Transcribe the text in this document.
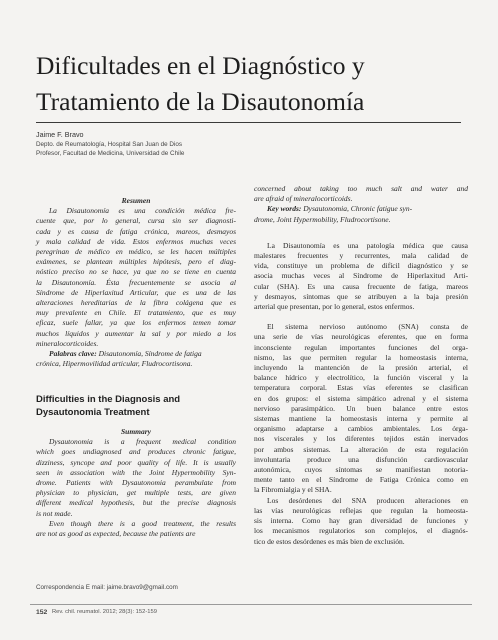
Dificultades en el Diagnóstico y Tratamiento de la Disautonomía
Jaime F. Bravo
Depto. de Reumatología, Hospital San Juan de Dios
Profesor, Facultad de Medicina, Universidad de Chile

Resumen

La Disautonomía es una condición médica fre-

cuente que, por lo general, cursa sin ser diagnosti-

cada y es causa de fatiga crónica, mareos, desmayos

y mala calidad de vida. Estos enfermos muchas veces

peregrinan de médico en médico, se les hacen múltiples

exámenes, se plantean múltiples hipótesis, pero el diag-

nóstico preciso no se hace, ya que no se tiene en cuenta

la Disautonomía. Ésta frecuentemente se asocia al

Síndrome de Hiperlaxitud Articular, que es una de las

alteraciones hereditarias de la fibra colágena que es

muy prevalente en Chile. El tratamiento, que es muy

eficaz, suele fallar, ya que los enfermos temen tomar

muchos líquidos y aumentar la sal y por miedo a los

mineralocorticoides.

Palabras clave: Disautonomía, Síndrome de fatiga

crónica, Hipermovilidad articular, Fludrocortisona.

Difficulties in the Diagnosis and Dysautonomia Treatment

Summary

Dysautonomia is a frequent medical condition

which goes undiagnosed and produces chronic fatigue,

dizziness, syncope and poor quality of life. It is usually

seen in association with the Joint Hypermobility Syn-

drome. Patients with Dysautonomia perambulate from

physician to physician, get multiple tests, are given

different medical hypothesis, but the precise diagnosis

is not made.

Even though there is a good treatment, the results

are not as good as expected, because the patients are

Correspondencia E mail: jaime.bravo9@gmail.com

concerned about taking too much salt and water and

are afraid of mineralocorticoids.

Key words: Dysautonomia, Chronic fatigue syn-

drome, Joint Hypermobility, Fludrocortisone.

La Disautonomía es una patología médica que causa

malestares frecuentes y recurrentes, mala calidad de

vida, constituye un problema de difícil diagnóstico y se

asocia muchas veces al Síndrome de Hiperlaxitud Arti-

cular (SHA). Es una causa frecuente de fatiga, mareos

y desmayos, síntomas que se atribuyen a la baja presión

arterial que presentan, por lo general, estos enfermos.

El sistema nervioso autónomo (SNA) consta de

una serie de vías neurológicas eferentes, que en forma

inconsciente regulan importantes funciones del orga-

nismo, las que permiten regular la homeostasis interna,

incluyendo la mantención de la presión arterial, el

balance hídrico y electrolítico, la función visceral y la

temperatura corporal. Estas vías eferentes se clasifican

en dos grupos: el sistema simpático adrenal y el sistema

nervioso parasimpático. Un buen balance entre estos

sistemas mantiene la homeostasis interna y permite al

organismo adaptarse a cambios ambientales. Los órga-

nos viscerales y los diferentes tejidos están inervados

por ambos sistemas. La alteración de esta regulación

involuntaria produce una disfunción cardiovascular

autonómica, cuyos síntomas se manifiestan notoria-

mente tanto en el Síndrome de Fatiga Crónica como en

la Fibromialgia y el SHA.

Los desórdenes del SNA producen alteraciones en

las vías neurológicas reflejas que regulan la homeosta-

sis interna. Como hay gran diversidad de funciones y

los mecanismos regulatorios son complejos, el diagnós-

tico de estos desórdenes es más bien de exclusión.

152 Rev. chil. reumatol. 2012; 28(3): 152-159
